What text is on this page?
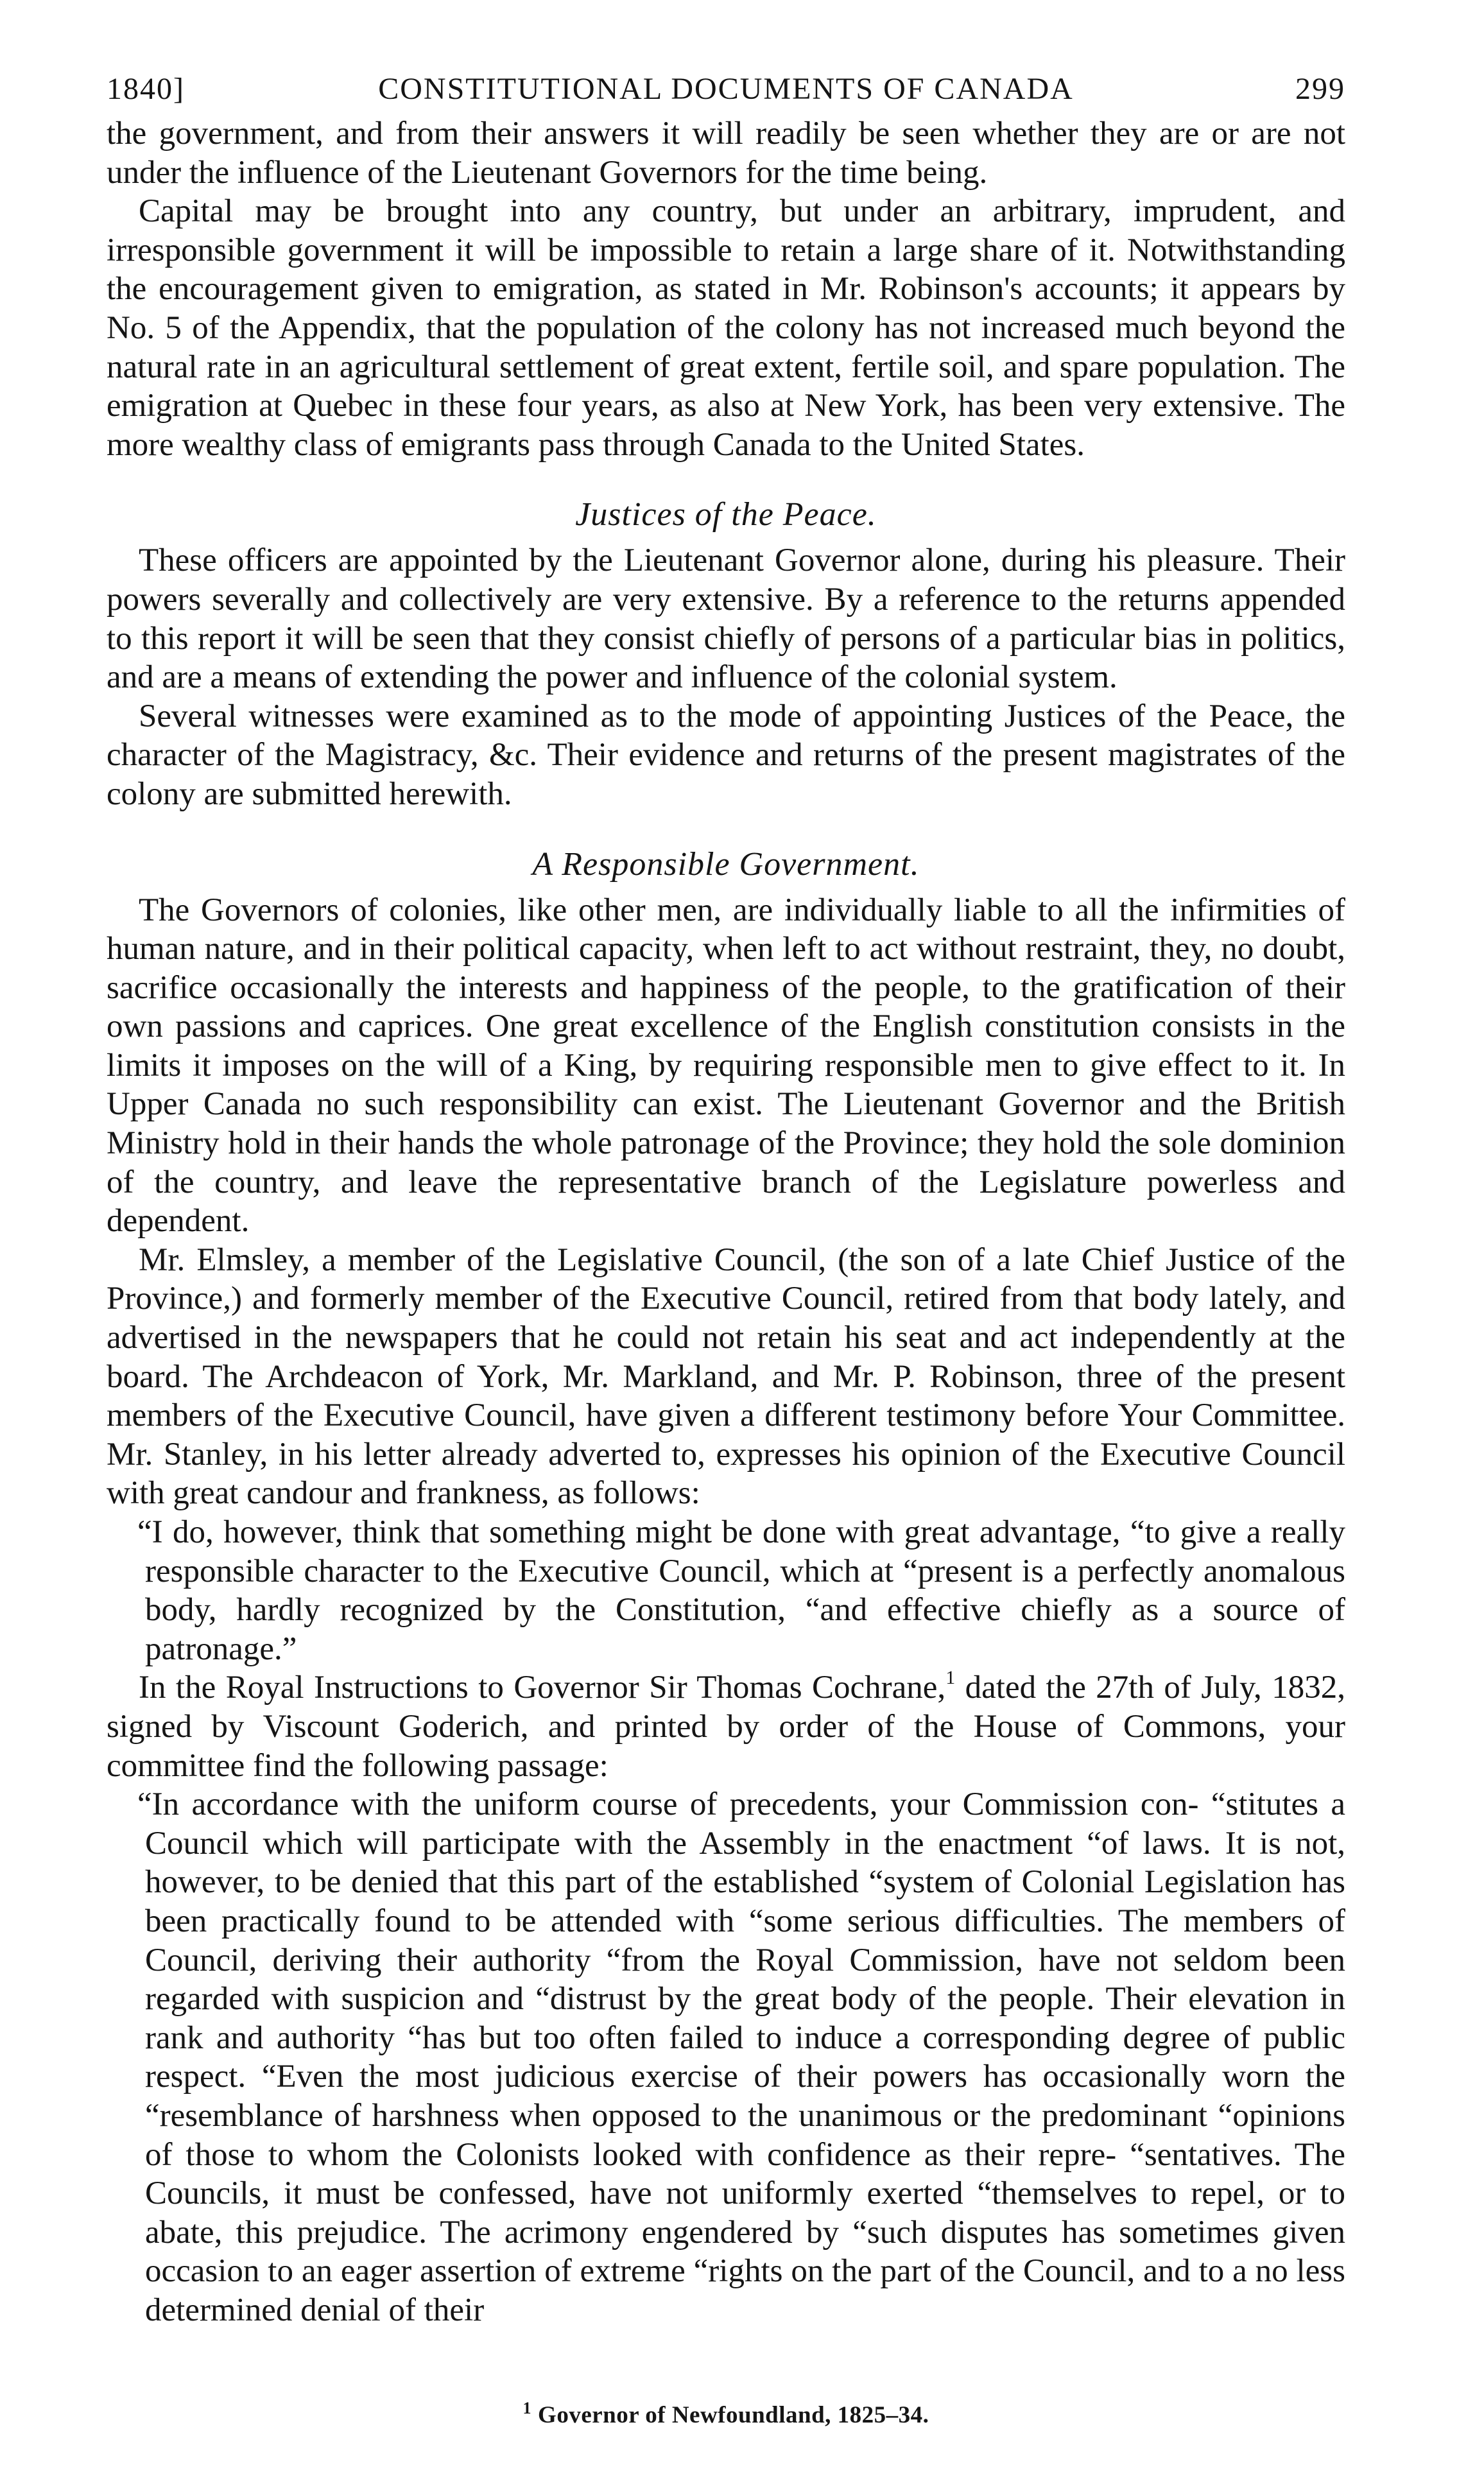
1840]	CONSTITUTIONAL DOCUMENTS OF CANADA	299

the government, and from their answers it will readily be seen whether they are or are not under the influence of the Lieutenant Governors for the time being.

Capital may be brought into any country, but under an arbitrary, imprudent, and irresponsible government it will be impossible to retain a large share of it. Notwithstanding the encouragement given to emigration, as stated in Mr. Robinson's accounts; it appears by No. 5 of the Appendix, that the population of the colony has not increased much beyond the natural rate in an agricultural settlement of great extent, fertile soil, and spare population. The emigration at Quebec in these four years, as also at New York, has been very extensive. The more wealthy class of emigrants pass through Canada to the United States.

Justices of the Peace.

These officers are appointed by the Lieutenant Governor alone, during his pleasure. Their powers severally and collectively are very extensive. By a reference to the returns appended to this report it will be seen that they consist chiefly of persons of a particular bias in politics, and are a means of extending the power and influence of the colonial system.

Several witnesses were examined as to the mode of appointing Justices of the Peace, the character of the Magistracy, &c. Their evidence and returns of the present magistrates of the colony are submitted herewith.

A Responsible Government.

The Governors of colonies, like other men, are individually liable to all the infirmities of human nature, and in their political capacity, when left to act without restraint, they, no doubt, sacrifice occasionally the interests and happiness of the people, to the gratification of their own passions and caprices. One great excellence of the English constitution consists in the limits it imposes on the will of a King, by requiring responsible men to give effect to it. In Upper Canada no such responsibility can exist. The Lieutenant Governor and the British Ministry hold in their hands the whole patronage of the Province; they hold the sole dominion of the country, and leave the representative branch of the Legislature powerless and dependent.

Mr. Elmsley, a member of the Legislative Council, (the son of a late Chief Justice of the Province,) and formerly member of the Executive Council, retired from that body lately, and advertised in the newspapers that he could not retain his seat and act independently at the board. The Archdeacon of York, Mr. Markland, and Mr. P. Robinson, three of the present members of the Executive Council, have given a different testimony before Your Committee. Mr. Stanley, in his letter already adverted to, expresses his opinion of the Executive Council with great candour and frankness, as follows:

“I do, however, think that something might be done with great advantage, “to give a really responsible character to the Executive Council, which at “present is a perfectly anomalous body, hardly recognized by the Constitution, “and effective chiefly as a source of patronage.”

In the Royal Instructions to Governor Sir Thomas Cochrane,$^1$ dated the 27th of July, 1832, signed by Viscount Goderich, and printed by order of the House of Commons, your committee find the following passage:

“In accordance with the uniform course of precedents, your Commission con- “stitutes a Council which will participate with the Assembly in the enactment “of laws. It is not, however, to be denied that this part of the established “system of Colonial Legislation has been practically found to be attended with “some serious difficulties. The members of Council, deriving their authority “from the Royal Commission, have not seldom been regarded with suspicion and “distrust by the great body of the people. Their elevation in rank and authority “has but too often failed to induce a corresponding degree of public respect. “Even the most judicious exercise of their powers has occasionally worn the “resemblance of harshness when opposed to the unanimous or the predominant “opinions of those to whom the Colonists looked with confidence as their repre- “sentatives. The Councils, it must be confessed, have not uniformly exerted “themselves to repel, or to abate, this prejudice. The acrimony engendered by “such disputes has sometimes given occasion to an eager assertion of extreme “rights on the part of the Council, and to a no less determined denial of their
$^1$ Governor of Newfoundland, 1825–34.
